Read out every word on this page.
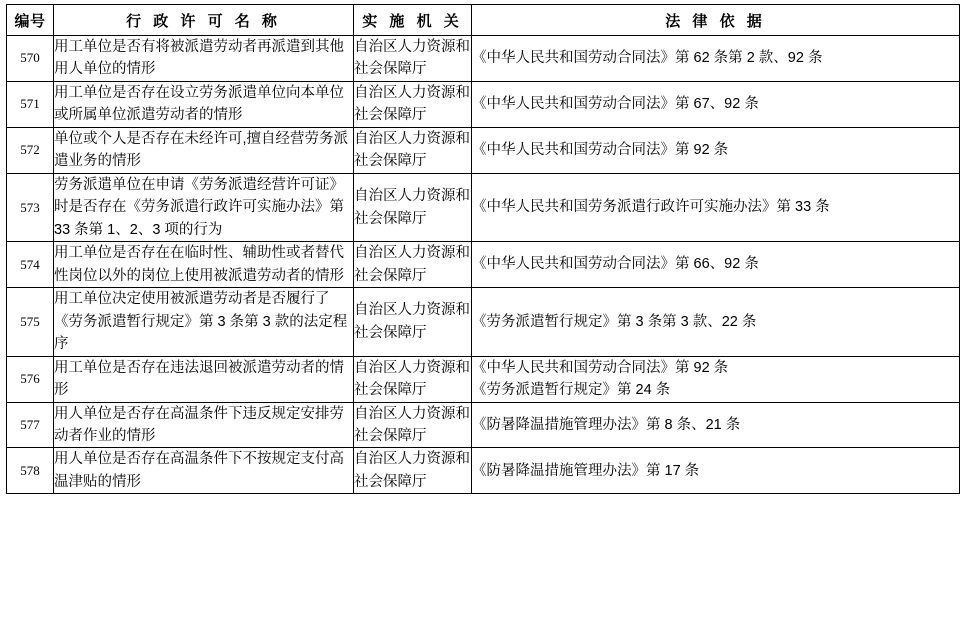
编号	行 政 许 可 名 称	实 施 机 关	法 律 依 据
570	用工单位是否有将被派遣劳动者再派遣到其他用人单位的情形	自治区人力资源和社会保障厅	《中华人民共和国劳动合同法》第 62 条第 2 款、92 条
571	用工单位是否存在设立劳务派遣单位向本单位或所属单位派遣劳动者的情形	自治区人力资源和社会保障厅	《中华人民共和国劳动合同法》第 67、92 条
572	单位或个人是否存在未经许可,擅自经营劳务派遣业务的情形	自治区人力资源和社会保障厅	《中华人民共和国劳动合同法》第 92 条
573	劳务派遣单位在申请《劳务派遣经营许可证》时是否存在《劳务派遣行政许可实施办法》第 33 条第 1、2、3 项的行为	自治区人力资源和社会保障厅	《中华人民共和国劳务派遣行政许可实施办法》第 33 条
574	用工单位是否存在在临时性、辅助性或者替代性岗位以外的岗位上使用被派遣劳动者的情形	自治区人力资源和社会保障厅	《中华人民共和国劳动合同法》第 66、92 条
575	用工单位决定使用被派遣劳动者是否履行了《劳务派遣暂行规定》第 3 条第 3 款的法定程序	自治区人力资源和社会保障厅	《劳务派遣暂行规定》第 3 条第 3 款、22 条
576	用工单位是否存在违法退回被派遣劳动者的情形	自治区人力资源和社会保障厅	《中华人民共和国劳动合同法》第 92 条
《劳务派遣暂行规定》第 24 条

577	用人单位是否存在高温条件下违反规定安排劳动者作业的情形	自治区人力资源和社会保障厅	《防暑降温措施管理办法》第 8 条、21 条
578	用人单位是否存在高温条件下不按规定支付高温津贴的情形	自治区人力资源和社会保障厅	《防暑降温措施管理办法》第 17 条
